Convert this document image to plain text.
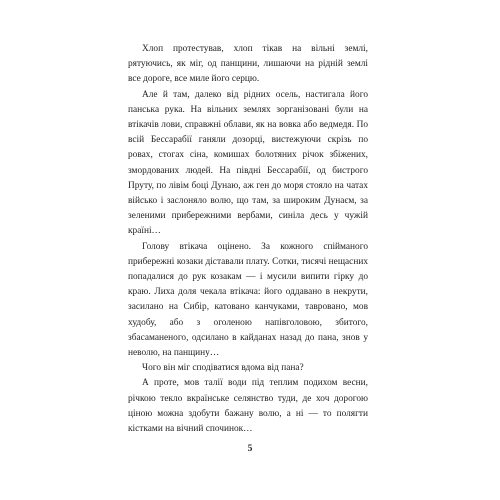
Хлоп протестував, хлоп тікав на вільні землі, рятуючись, як міг, од панщини, лишаючи на рідній землі все дороге, все миле його серцю.

Але й там, далеко від рідних осель, настигала його панська рука. На вільних землях зорганізовані були на втікачів лови, справжні облави, як на вовка або ведмедя. По всій Бессарабії ганяли дозорці, вистежуючи скрізь по ровах, стогах сіна, комишах болотяних річок збіжених, змордованих людей. На півдні Бессарабії, од бистрого Пруту, по лівім боці Дунаю, аж ген до моря стояло на чатах військо і заслоняло волю, що там, за широким Дунаєм, за зеленими прибережними вербами, синіла десь у чужій країні…

Голову втікача оцінено. За кожного спійманого прибережні козаки діставали плату. Сотки, тисячі нещасних попадалися до рук козакам — і мусили випити гірку до краю. Лиха доля чекала втікача: його оддавано в некрути, засилано на Сибір, катовано канчуками, тавровано, мов худобу, або з оголеною напівголовою, збитого, збасаманеного, одсилано в кайданах назад до пана, знов у неволю, на панщину…

Чого він міг сподіватися вдома від пана?

А проте, мов талії води під теплим подихом весни, річкою текло вкраїнське селянство туди, де хоч дорогою ціною можна здобути бажану волю, а ні — то полягти кістками на вічний спочинок…

5
